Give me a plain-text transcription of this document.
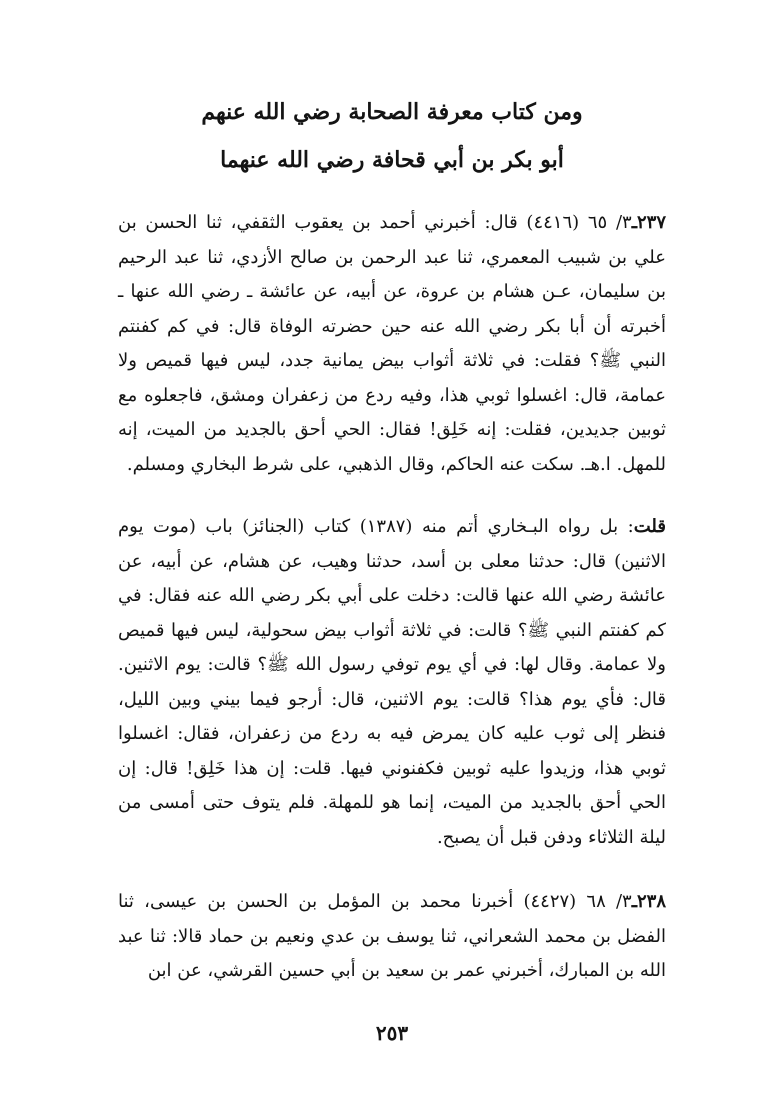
ومن كتاب معرفة الصحابة رضي الله عنهم
أبو بكر بن أبي قحافة رضي الله عنهما

٢٣٧ـ٣/ ٦٥ (٤٤١٦) قال: أخبرني أحمد بن يعقوب الثقفي، ثنا الحسن بن علي بن شبيب المعمري، ثنا عبد الرحمن بن صالح الأزدي، ثنا عبد الرحيم بن سليمان، عـن هشام بن عروة، عن أبيه، عن عائشة ـ رضي الله عنها ـ أخبرته أن أبا بكر رضي الله عنه حين حضرته الوفاة قال: في كم كفنتم النبي ﷺ؟ فقلت: في ثلاثة أثواب بيض يمانية جدد، ليس فيها قميص ولا عمامة، قال: اغسلوا ثوبي هذا، وفيه ردع من زعفران ومشق، فاجعلوه مع ثوبين جديدين، فقلت: إنه خَلِق! فقال: الحي أحق بالجديد من الميت، إنه للمهل. ا.هـ. سكت عنه الحاكم، وقال الذهبي، على شرط البخاري ومسلم.

قلت: بل رواه البـخاري أتم منه (١٣٨٧) كتاب (الجنائز) باب (موت يوم الاثنين) قال: حدثنا معلى بن أسد، حدثنا وهيب، عن هشام، عن أبيه، عن عائشة رضي الله عنها قالت: دخلت على أبي بكر رضي الله عنه فقال: في كم كفنتم النبي ﷺ؟ قالت: في ثلاثة أثواب بيض سحولية، ليس فيها قميص ولا عمامة. وقال لها: في أي يوم توفي رسول الله ﷺ؟ قالت: يوم الاثنين. قال: فأي يوم هذا؟ قالت: يوم الاثنين، قال: أرجو فيما بيني وبين الليل، فنظر إلى ثوب عليه كان يمرض فيه به ردع من زعفران، فقال: اغسلوا ثوبي هذا، وزيدوا عليه ثوبين فكفنوني فيها. قلت: إن هذا خَلِق! قال: إن الحي أحق بالجديد من الميت، إنما هو للمهلة. فلم يتوف حتى أمسى من ليلة الثلاثاء ودفن قبل أن يصبح.

٢٣٨ـ٣/ ٦٨ (٤٤٢٧) أخبرنا محمد بن المؤمل بن الحسن بن عيسى، ثنا الفضل بن محمد الشعراني، ثنا يوسف بن عدي ونعيم بن حماد قالا: ثنا عبد الله بن المبارك، أخبرني عمر بن سعيد بن أبي حسين القرشي، عن ابن

٢٥٣
